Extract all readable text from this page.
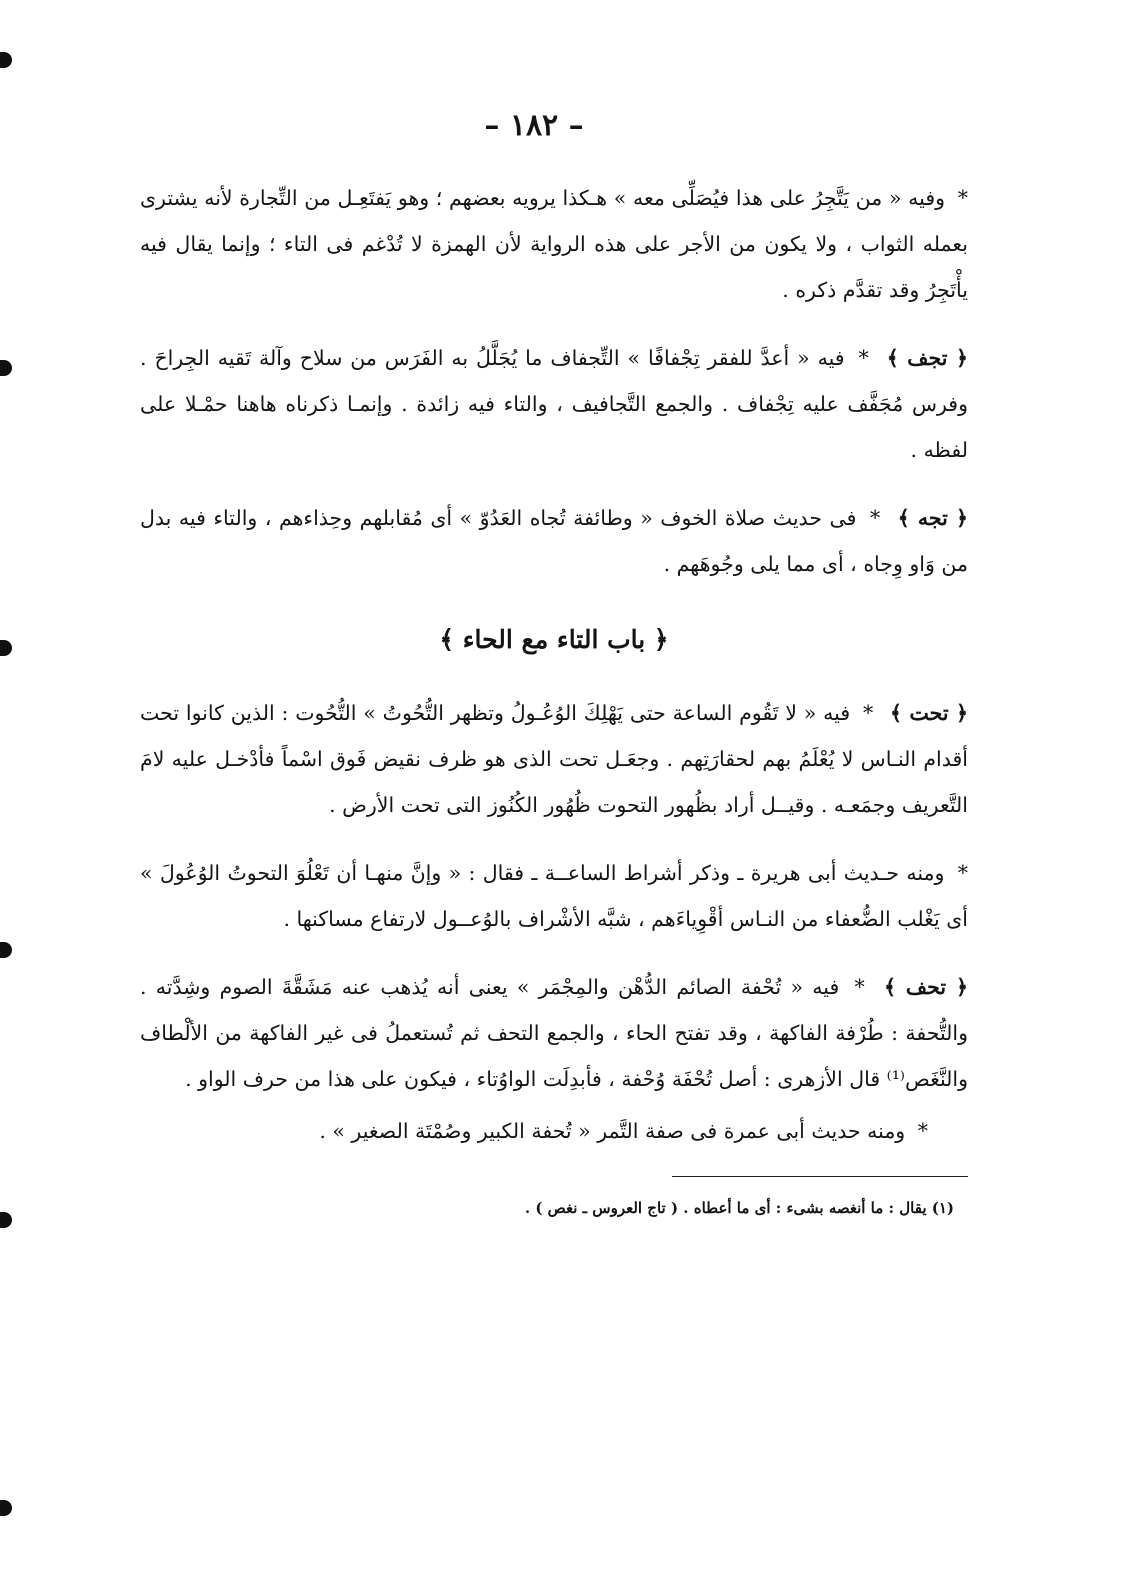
– ١٨٢ –

* وفيه « من يَتَّجِرُ على هذا فيُصَلِّى معه » هـكذا يرويه بعضهم ؛ وهو يَفتَعِـل من التِّجارة لأنه يشترى بعمله الثواب ، ولا يكون من الأجر على هذه الرواية لأن الهمزة لا تُدْغم فى التاء ؛ وإنما يقال فيه يأْتَجِرُ وقد تقدَّم ذكره .

﴿ تجف ﴾ * فيه « أعدَّ للفقر تِجْفافًا » التِّجفاف ما يُجَلَّلُ به الفَرَس من سلاح وآلة تَقيه الجِراحَ . وفرس مُجَفَّف عليه تِجْفاف . والجمع التَّجافيف ، والتاء فيه زائدة . وإنمـا ذكرناه هاهنا حمْـلا على لفظه .

﴿ تجه ﴾ * فى حديث صلاة الخوف « وطائفة تُجاه العَدُوّ » أى مُقابلهم وحِذاءهم ، والتاء فيه بدل من وَاو وِجاه ، أى مما يلى وجُوهَهم .

﴿ باب التاء مع الحاء ﴾

﴿ تحت ﴾ * فيه « لا تَقُوم الساعة حتى يَهْلِكَ الوُعُـولُ وتظهر التُّحُوتُ » التُّحُوت : الذين كانوا تحت أقدام النـاس لا يُعْلَمُ بهم لحقارَتِهم . وجعَـل تحت الذى هو ظرف نقيض فَوق اسْماً فأدْخـل عليه لامَ التَّعريف وجمَعـه . وقيــل أراد بظُهور التحوت ظُهُور الكُنُوز التى تحت الأرض .

* ومنه حـديث أبى هريرة ـ وذكر أشراط الساعــة ـ فقال : « وإنَّ منهـا أن تَعْلُوَ التحوتُ الوُعُولَ » أى يَغْلب الضُّعفاء من النـاس أقْوِياءَهم ، شبَّه الأشْراف بالوُعــول لارتفاع مساكنها .

﴿ تحف ﴾ * فيه « تُحْفة الصائم الدُّهْن والمِجْمَر » يعنى أنه يُذهب عنه مَشَقَّةَ الصوم وشِدَّته . والتُّحفة : طُرْفة الفاكهة ، وقد تفتح الحاء ، والجمع التحف ثم تُستعملُ فى غير الفاكهة من الألْطاف والنَّغَص⁽¹⁾ قال الأزهرى : أصل تُحْفَة وُحْفة ، فأبدِلَت الواوُتاء ، فيكون على هذا من حرف الواو .

* ومنه حديث أبى عمرة فى صفة التَّمر « تُحفة الكبير وصُمْتَة الصغير » .

(١) يقال : ما أنغصه بشىء : أى ما أعطاه . ( تاج العروس ـ نغص ) .
